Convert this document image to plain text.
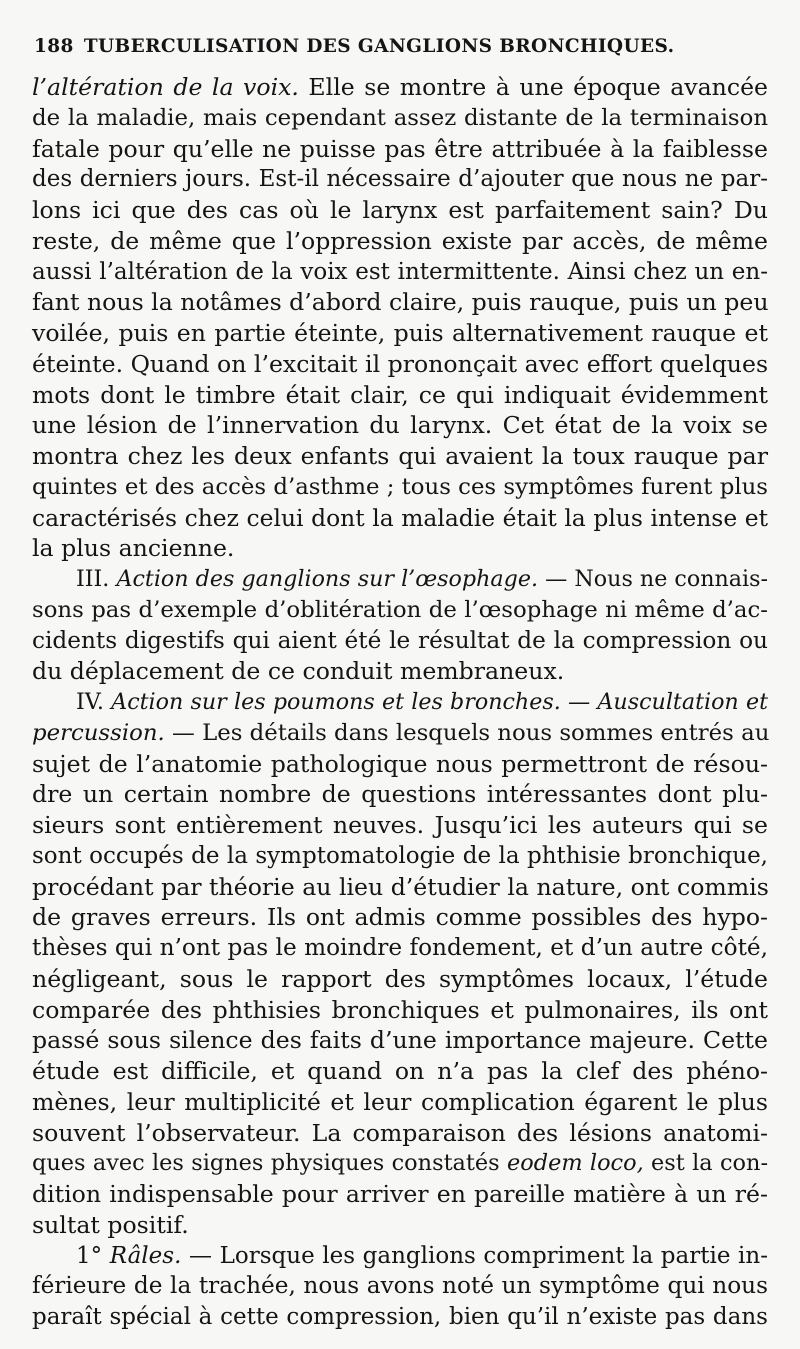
188 TUBERCULISATION DES GANGLIONS BRONCHIQUES.
l’altération de la voix. Elle se montre à une époque avancée
de la maladie, mais cependant assez distante de la terminaison
fatale pour qu’elle ne puisse pas être attribuée à la faiblesse
des derniers jours. Est-il nécessaire d’ajouter que nous ne par-
lons ici que des cas où le larynx est parfaitement sain? Du
reste, de même que l’oppression existe par accès, de même
aussi l’altération de la voix est intermittente. Ainsi chez un en-
fant nous la notâmes d’abord claire, puis rauque, puis un peu
voilée, puis en partie éteinte, puis alternativement rauque et
éteinte. Quand on l’excitait il prononçait avec effort quelques
mots dont le timbre était clair, ce qui indiquait évidemment
une lésion de l’innervation du larynx. Cet état de la voix se
montra chez les deux enfants qui avaient la toux rauque par
quintes et des accès d’asthme ; tous ces symptômes furent plus
caractérisés chez celui dont la maladie était la plus intense et
la plus ancienne.
III. Action des ganglions sur l’œsophage. — Nous ne connais-
sons pas d’exemple d’oblitération de l’œsophage ni même d’ac-
cidents digestifs qui aient été le résultat de la compression ou
du déplacement de ce conduit membraneux.
IV. Action sur les poumons et les bronches. — Auscultation et
percussion. — Les détails dans lesquels nous sommes entrés au
sujet de l’anatomie pathologique nous permettront de résou-
dre un certain nombre de questions intéressantes dont plu-
sieurs sont entièrement neuves. Jusqu’ici les auteurs qui se
sont occupés de la symptomatologie de la phthisie bronchique,
procédant par théorie au lieu d’étudier la nature, ont commis
de graves erreurs. Ils ont admis comme possibles des hypo-
thèses qui n’ont pas le moindre fondement, et d’un autre côté,
négligeant, sous le rapport des symptômes locaux, l’étude
comparée des phthisies bronchiques et pulmonaires, ils ont
passé sous silence des faits d’une importance majeure. Cette
étude est difficile, et quand on n’a pas la clef des phéno-
mènes, leur multiplicité et leur complication égarent le plus
souvent l’observateur. La comparaison des lésions anatomi-
ques avec les signes physiques constatés eodem loco, est la con-
dition indispensable pour arriver en pareille matière à un ré-
sultat positif.
1° Râles. — Lorsque les ganglions compriment la partie in-
férieure de la trachée, nous avons noté un symptôme qui nous
paraît spécial à cette compression, bien qu’il n’existe pas dans
